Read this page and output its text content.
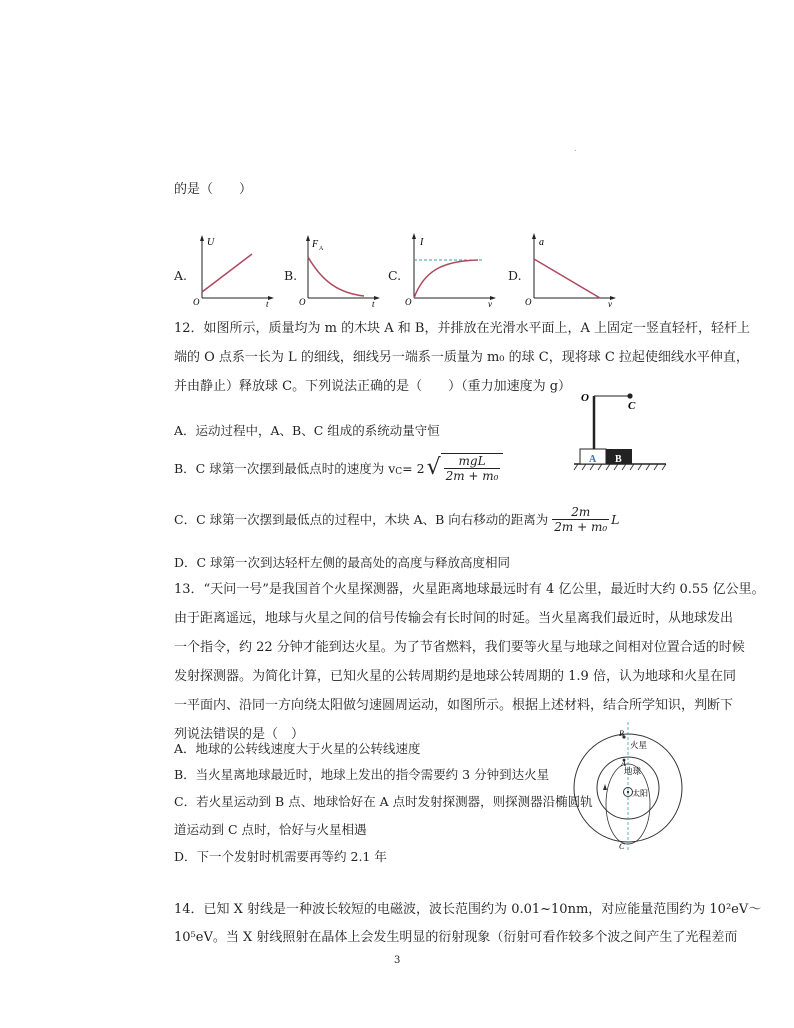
.
的是（　　）
A.
U
t
O
B.
F A
t
O
C.
I
v
O
D.
a
v
O
12．如图所示，质量均为 m 的木块 A 和 B，并排放在光滑水平面上，A 上固定一竖直轻杆，轻杆上
端的 O 点系一长为 L 的细线，细线另一端系一质量为 m₀ 的球 C，现将球 C 拉起使细线水平伸直，
并由静止）释放球 C。下列说法正确的是（　　）（重力加速度为 g）
O
C
A B
A．运动过程中，A、B、C 组成的系统动量守恒
B．C 球第一次摆到最低点时的速度为 v C = 2 √ $\frac{\text{mgL}}{\text{2m + m₀}}$
C．C 球第一次摆到最低点的过程中，木块 A、B 向右移动的距离为 $\frac{2m}{\text{2m + m₀}}$ L
D．C 球第一次到达轻杆左侧的最高处的高度与释放高度相同
13．“天问一号”是我国首个火星探测器，火星距离地球最远时有 4 亿公里，最近时大约 0.55 亿公里。
由于距离遥远，地球与火星之间的信号传输会有长时间的时延。当火星离我们最近时，从地球发出
一个指令，约 22 分钟才能到达火星。为了节省燃料，我们要等火星与地球之间相对位置合适的时候
发射探测器。为简化计算，已知火星的公转周期约是地球公转周期的 1.9 倍，认为地球和火星在同
一平面内、沿同一方向绕太阳做匀速圆周运动，如图所示。根据上述材料，结合所学知识，判断下
列说法错误的是（　）
A．地球的公转线速度大于火星的公转线速度
B．当火星离地球最近时，地球上发出的指令需要约 3 分钟到达火星
C．若火星运动到 B 点、地球恰好在 A 点时发射探测器，则探测器沿椭圆轨
道运动到 C 点时，恰好与火星相遇
D．下一个发射时机需要再等约 2.1 年
火星
地球
太阳
A
B
C
14．已知 X 射线是一种波长较短的电磁波，波长范围约为 0.01~10nm，对应能量范围约为 10²eV～
10⁵eV。当 X 射线照射在晶体上会发生明显的衍射现象（衍射可看作较多个波之间产生了光程差而
3
